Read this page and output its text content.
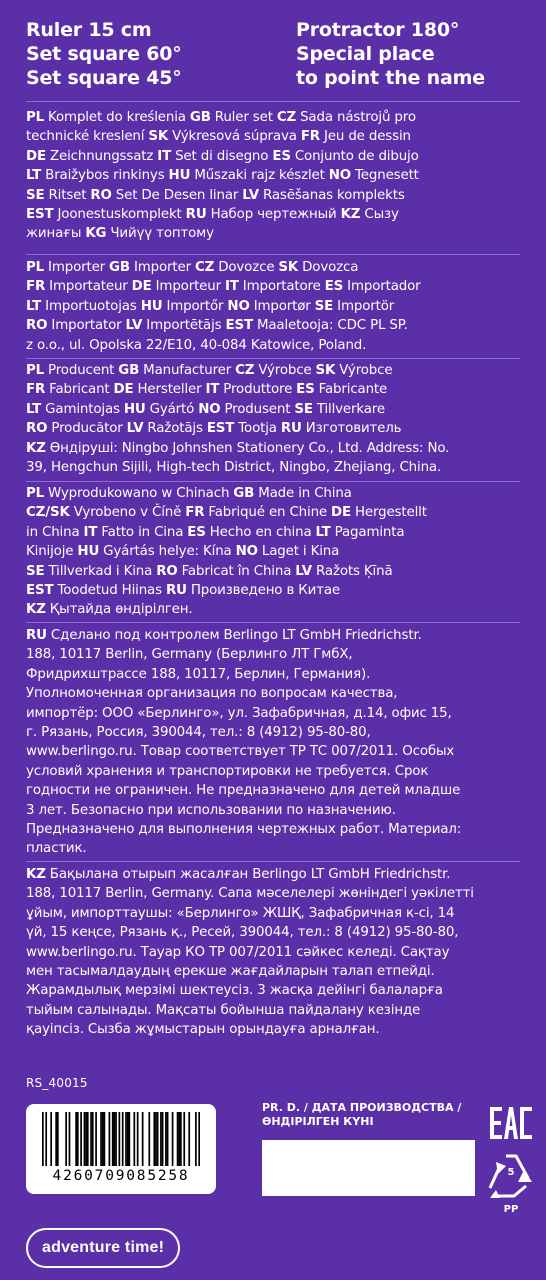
Ruler 15 cm
Set square 60°
Set square 45°
Protractor 180°
Special place
to point the name
PL Komplet do kreślenia GB Ruler set CZ Sada nástrojů pro
technické kreslení SK Výkresová súprava FR Jeu de dessin
DE Zeichnungssatz IT Set di disegno ES Conjunto de dibujo
LT Braižybos rinkinys HU Műszaki rajz készlet NO Tegnesett
SE Ritset RO Set De Desen linar LV Rasēšanas komplekts
EST Joonestuskomplekt RU Набор чертежный KZ Сызу
жинағы KG Чийүү топтому
PL Importer GB Importer CZ Dovozce SK Dovozca
FR Importateur DE Importeur IT Importatore ES Importador
LT Importuotojas HU Importőr NO Importør SE Importör
RO Importator LV Importētājs EST Maaletooja: CDC PL SP.
z o.o., ul. Opolska 22/E10, 40-084 Katowice, Poland.
PL Producent GB Manufacturer CZ Výrobce SK Výrobce
FR Fabricant DE Hersteller IT Produttore ES Fabricante
LT Gamintojas HU Gyártó NO Produsent SE Tillverkare
RO Producător LV Ražotājs EST Tootja RU Изготовитель
KZ Өндіруші: Ningbo Johnshen Stationery Co., Ltd. Address: No.
39, Hengchun Sijili, High-tech District, Ningbo, Zhejiang, China.
PL Wyprodukowano w Chinach GB Made in China
CZ/SK Vyrobeno v Číně FR Fabriqué en Chine DE Hergestellt
in China IT Fatto in Cina ES Hecho en china LT Pagaminta
Kinijoje HU Gyártás helye: Kína NO Laget i Kina
SE Tillverkad i Kina RO Fabricat în China LV Ražots Ķīnā
EST Toodetud Hiinas RU Произведено в Китае
KZ Қытайда өндірілген.
RU Сделано под контролем Berlingo LT GmbH Friedrichstr.
188, 10117 Berlin, Germany (Берлинго ЛТ ГмбХ,
Фридрихштрассе 188, 10117, Берлин, Германия).
Уполномоченная организация по вопросам качества,
импортёр: ООО «Берлинго», ул. Зафабричная, д.14, офис 15,
г. Рязань, Россия, 390044, тел.: 8 (4912) 95-80-80,
www.berlingo.ru. Товар соответствует ТР ТС 007/2011. Особых
условий хранения и транспортировки не требуется. Срок
годности не ограничен. Не предназначено для детей младше
3 лет. Безопасно при использовании по назначению.
Предназначено для выполнения чертежных работ. Материал:
пластик.
KZ Бақылана отырып жасалған Berlingo LT GmbH Friedrichstr.
188, 10117 Berlin, Germany. Сапа мәселелері жөніндегі уәкілетті
ұйым, импорттаушы: «Берлинго» ЖШҚ, Зафабричная к-сі, 14
үй, 15 кеңсе, Рязань қ., Ресей, 390044, тел.: 8 (4912) 95-80-80,
www.berlingo.ru. Тауар КО ТР 007/2011 сәйкес келеді. Сақтау
мен тасымалдаудың ерекше жағдайларын талап етпейді.
Жарамдылық мерзімі шектеусіз. 3 жасқа дейінгі балаларға
тыйым салынады. Мақсаты бойынша пайдалану кезінде
қауіпсіз. Сызба жұмыстарын орындауға арналған.
RS_40015
4260709085258
PR. D. / ДАТА ПРОИЗВОДСТВА /
ӨНДІРІЛГЕН КҮНІ
5
PP
adventure time!
